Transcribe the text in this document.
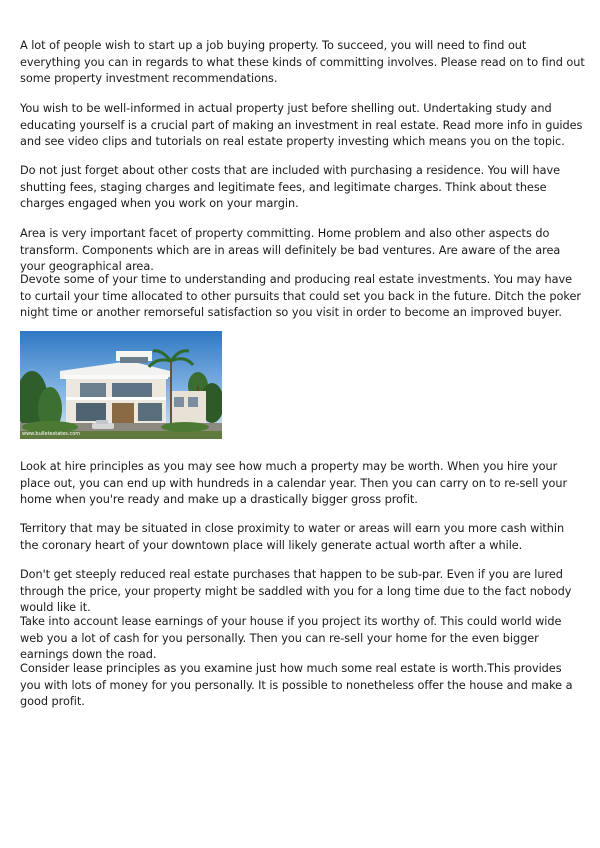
A lot of people wish to start up a job buying property. To succeed, you will need to find out everything you can in regards to what these kinds of committing involves. Please read on to find out some property investment recommendations.

You wish to be well-informed in actual property just before shelling out. Undertaking study and educating yourself is a crucial part of making an investment in real estate. Read more info in guides and see video clips and tutorials on real estate property investing which means you on the topic.

Do not just forget about other costs that are included with purchasing a residence. You will have shutting fees, staging charges and legitimate fees, and legitimate charges. Think about these charges engaged when you work on your margin.

Area is very important facet of property committing. Home problem and also other aspects do transform. Components which are in areas will definitely be bad ventures. Are aware of the area your geographical area.

Devote some of your time to understanding and producing real estate investments. You may have to curtail your time allocated to other pursuits that could set you back in the future. Ditch the poker night time or another remorseful satisfaction so you visit in order to become an improved buyer.

Look at hire principles as you may see how much a property may be worth. When you hire your place out, you can end up with hundreds in a calendar year. Then you can carry on to re-sell your home when you're ready and make up a drastically bigger gross profit.

Territory that may be situated in close proximity to water or areas will earn you more cash within the coronary heart of your downtown place will likely generate actual worth after a while.

Don't get steeply reduced real estate purchases that happen to be sub-par. Even if you are lured through the price, your property might be saddled with you for a long time due to the fact nobody would like it.

Take into account lease earnings of your house if you project its worthy of. This could world wide web you a lot of cash for you personally. Then you can re-sell your home for the even bigger earnings down the road.

Consider lease principles as you examine just how much some real estate is worth.This provides you with lots of money for you personally. It is possible to nonetheless offer the house and make a good profit.

www.bulletestates.com
